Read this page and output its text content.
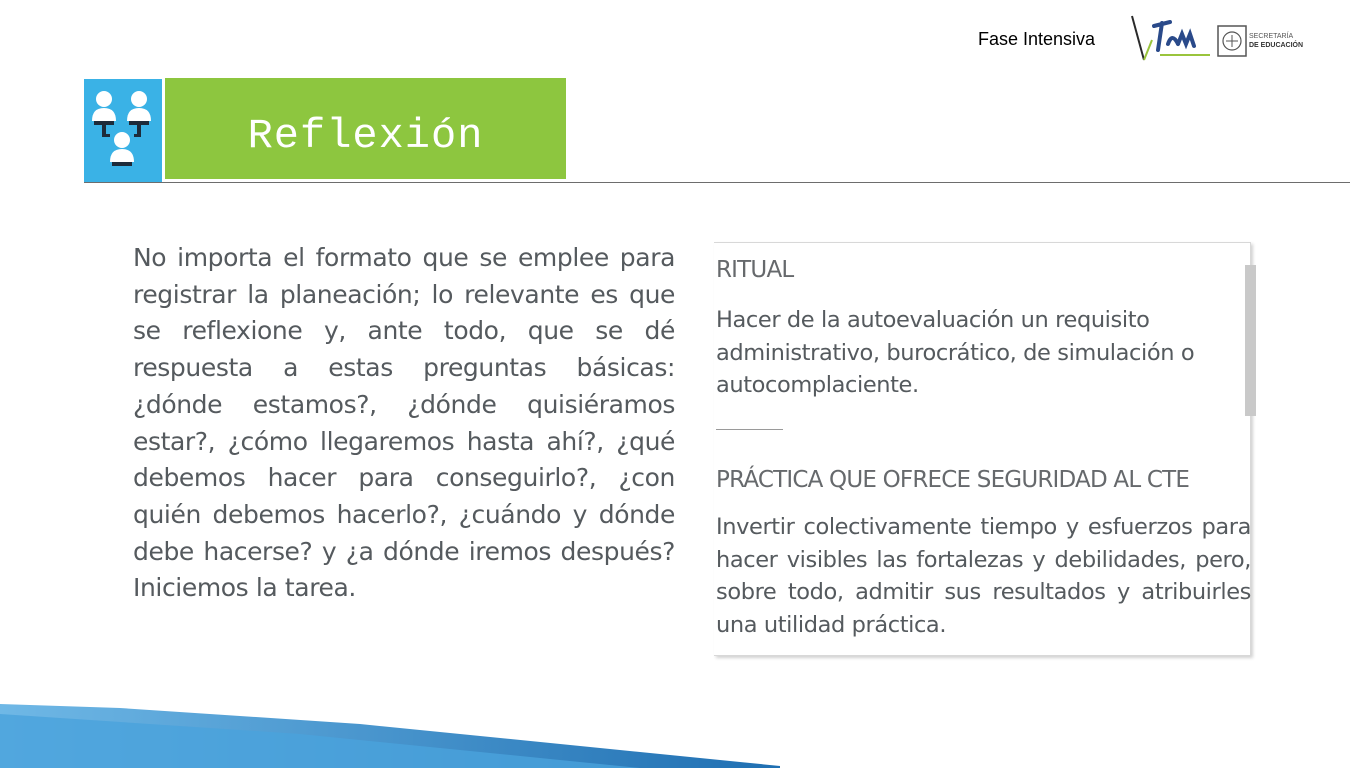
Fase Intensiva	SECRETARÍA
DE EDUCACIÓN
Reflexión
No importa el formato que se emplee para registrar la planeación; lo relevante es que se reflexione y, ante todo, que se dé respuesta a estas preguntas básicas: ¿dónde estamos?, ¿dónde quisiéramos estar?, ¿cómo llegaremos hasta ahí?, ¿qué debemos hacer para conseguirlo?, ¿con quién debemos hacerlo?, ¿cuándo y dónde debe hacerse? y ¿a dónde iremos después? Iniciemos la tarea.
RITUAL
Hacer de la autoevaluación un requisito administrativo, burocrático, de simulación o autocomplaciente.
PRÁCTICA QUE OFRECE SEGURIDAD AL CTE
Invertir colectivamente tiempo y esfuerzos para hacer visibles las fortalezas y debilidades, pero, sobre todo, admitir sus resultados y atribuirles una utilidad práctica.
